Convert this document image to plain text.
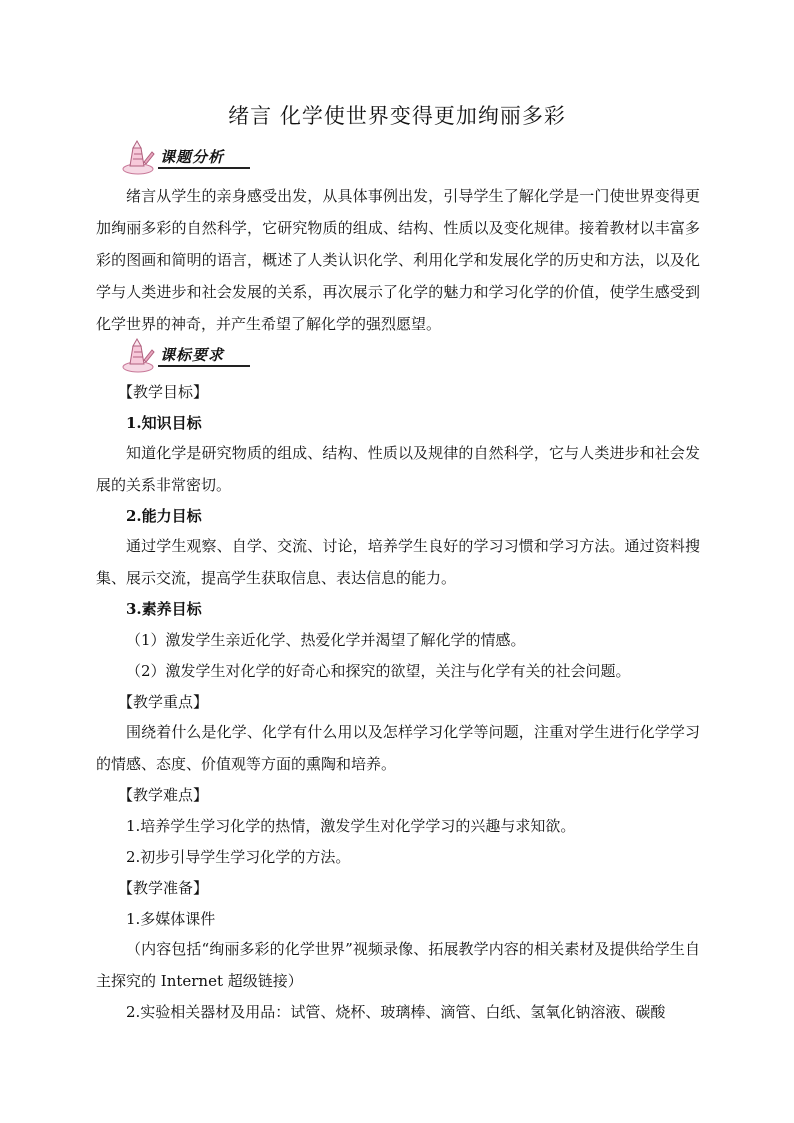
绪言 化学使世界变得更加绚丽多彩
课题分析
绪言从学生的亲身感受出发，从具体事例出发，引导学生了解化学是一门使世界变得更加绚丽多彩的自然科学，它研究物质的组成、结构、性质以及变化规律。接着教材以丰富多彩的图画和简明的语言，概述了人类认识化学、利用化学和发展化学的历史和方法，以及化学与人类进步和社会发展的关系，再次展示了化学的魅力和学习化学的价值，使学生感受到化学世界的神奇，并产生希望了解化学的强烈愿望。
课标要求
【教学目标】
1.知识目标
知道化学是研究物质的组成、结构、性质以及规律的自然科学，它与人类进步和社会发展的关系非常密切。
2.能力目标
通过学生观察、自学、交流、讨论，培养学生良好的学习习惯和学习方法。通过资料搜集、展示交流，提高学生获取信息、表达信息的能力。
3.素养目标
（1）激发学生亲近化学、热爱化学并渴望了解化学的情感。
（2）激发学生对化学的好奇心和探究的欲望，关注与化学有关的社会问题。
【教学重点】
围绕着什么是化学、化学有什么用以及怎样学习化学等问题，注重对学生进行化学学习的情感、态度、价值观等方面的熏陶和培养。
【教学难点】
1.培养学生学习化学的热情，激发学生对化学学习的兴趣与求知欲。
2.初步引导学生学习化学的方法。
【教学准备】
1.多媒体课件
（内容包括“绚丽多彩的化学世界”视频录像、拓展教学内容的相关素材及提供给学生自主探究的 Internet 超级链接）
2.实验相关器材及用品：试管、烧杯、玻璃棒、滴管、白纸、氢氧化钠溶液、碳酸
